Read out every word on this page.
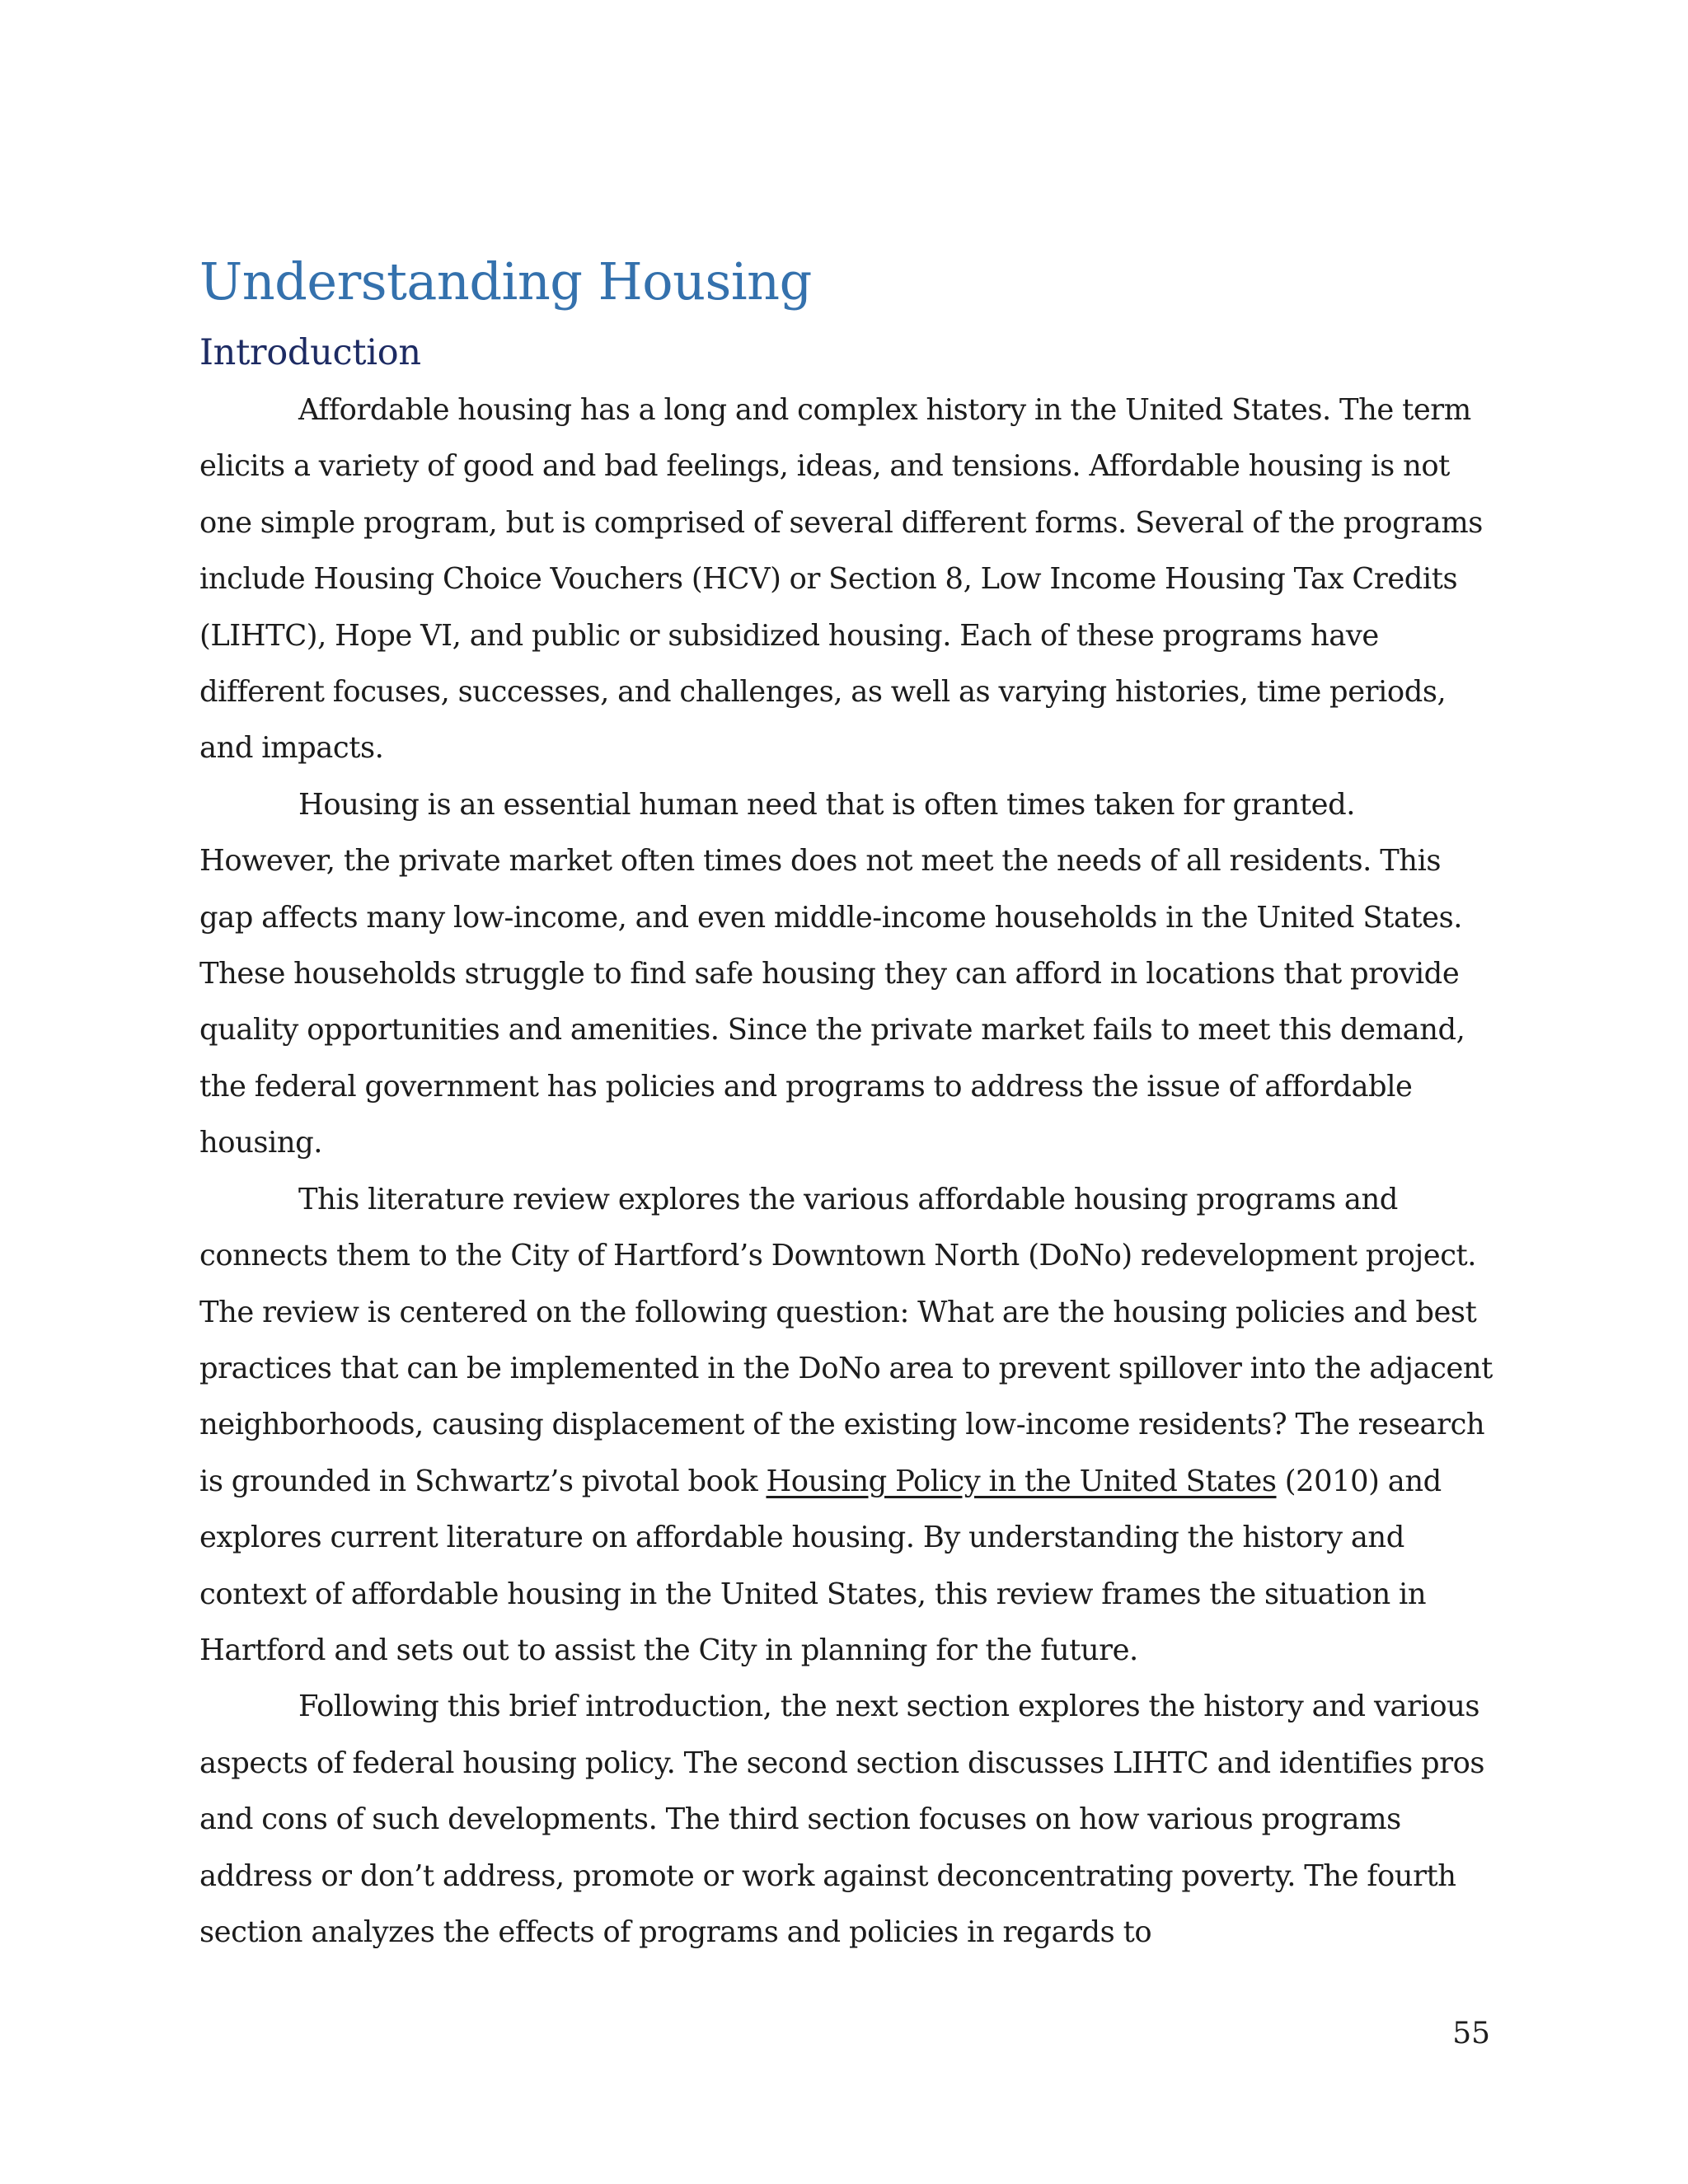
Understanding Housing
Introduction

Affordable housing has a long and complex history in the United States. The term elicits a variety of good and bad feelings, ideas, and tensions. Affordable housing is not one simple program, but is comprised of several different forms. Several of the programs include Housing Choice Vouchers (HCV) or Section 8, Low Income Housing Tax Credits (LIHTC), Hope VI, and public or subsidized housing. Each of these programs have different focuses, successes, and challenges, as well as varying histories, time periods, and impacts.

Housing is an essential human need that is often times taken for granted. However, the private market often times does not meet the needs of all residents. This gap affects many low-income, and even middle-income households in the United States. These households struggle to find safe housing they can afford in locations that provide quality opportunities and amenities. Since the private market fails to meet this demand, the federal government has policies and programs to address the issue of affordable housing.

This literature review explores the various affordable housing programs and connects them to the City of Hartford’s Downtown North (DoNo) redevelopment project. The review is centered on the following question: What are the housing policies and best practices that can be implemented in the DoNo area to prevent spillover into the adjacent neighborhoods, causing displacement of the existing low-income residents? The research is grounded in Schwartz’s pivotal book Housing Policy in the United States (2010) and explores current literature on affordable housing. By understanding the history and context of affordable housing in the United States, this review frames the situation in Hartford and sets out to assist the City in planning for the future.

Following this brief introduction, the next section explores the history and various aspects of federal housing policy. The second section discusses LIHTC and identifies pros and cons of such developments. The third section focuses on how various programs address or don’t address, promote or work against deconcentrating poverty. The fourth section analyzes the effects of programs and policies in regards to

55
